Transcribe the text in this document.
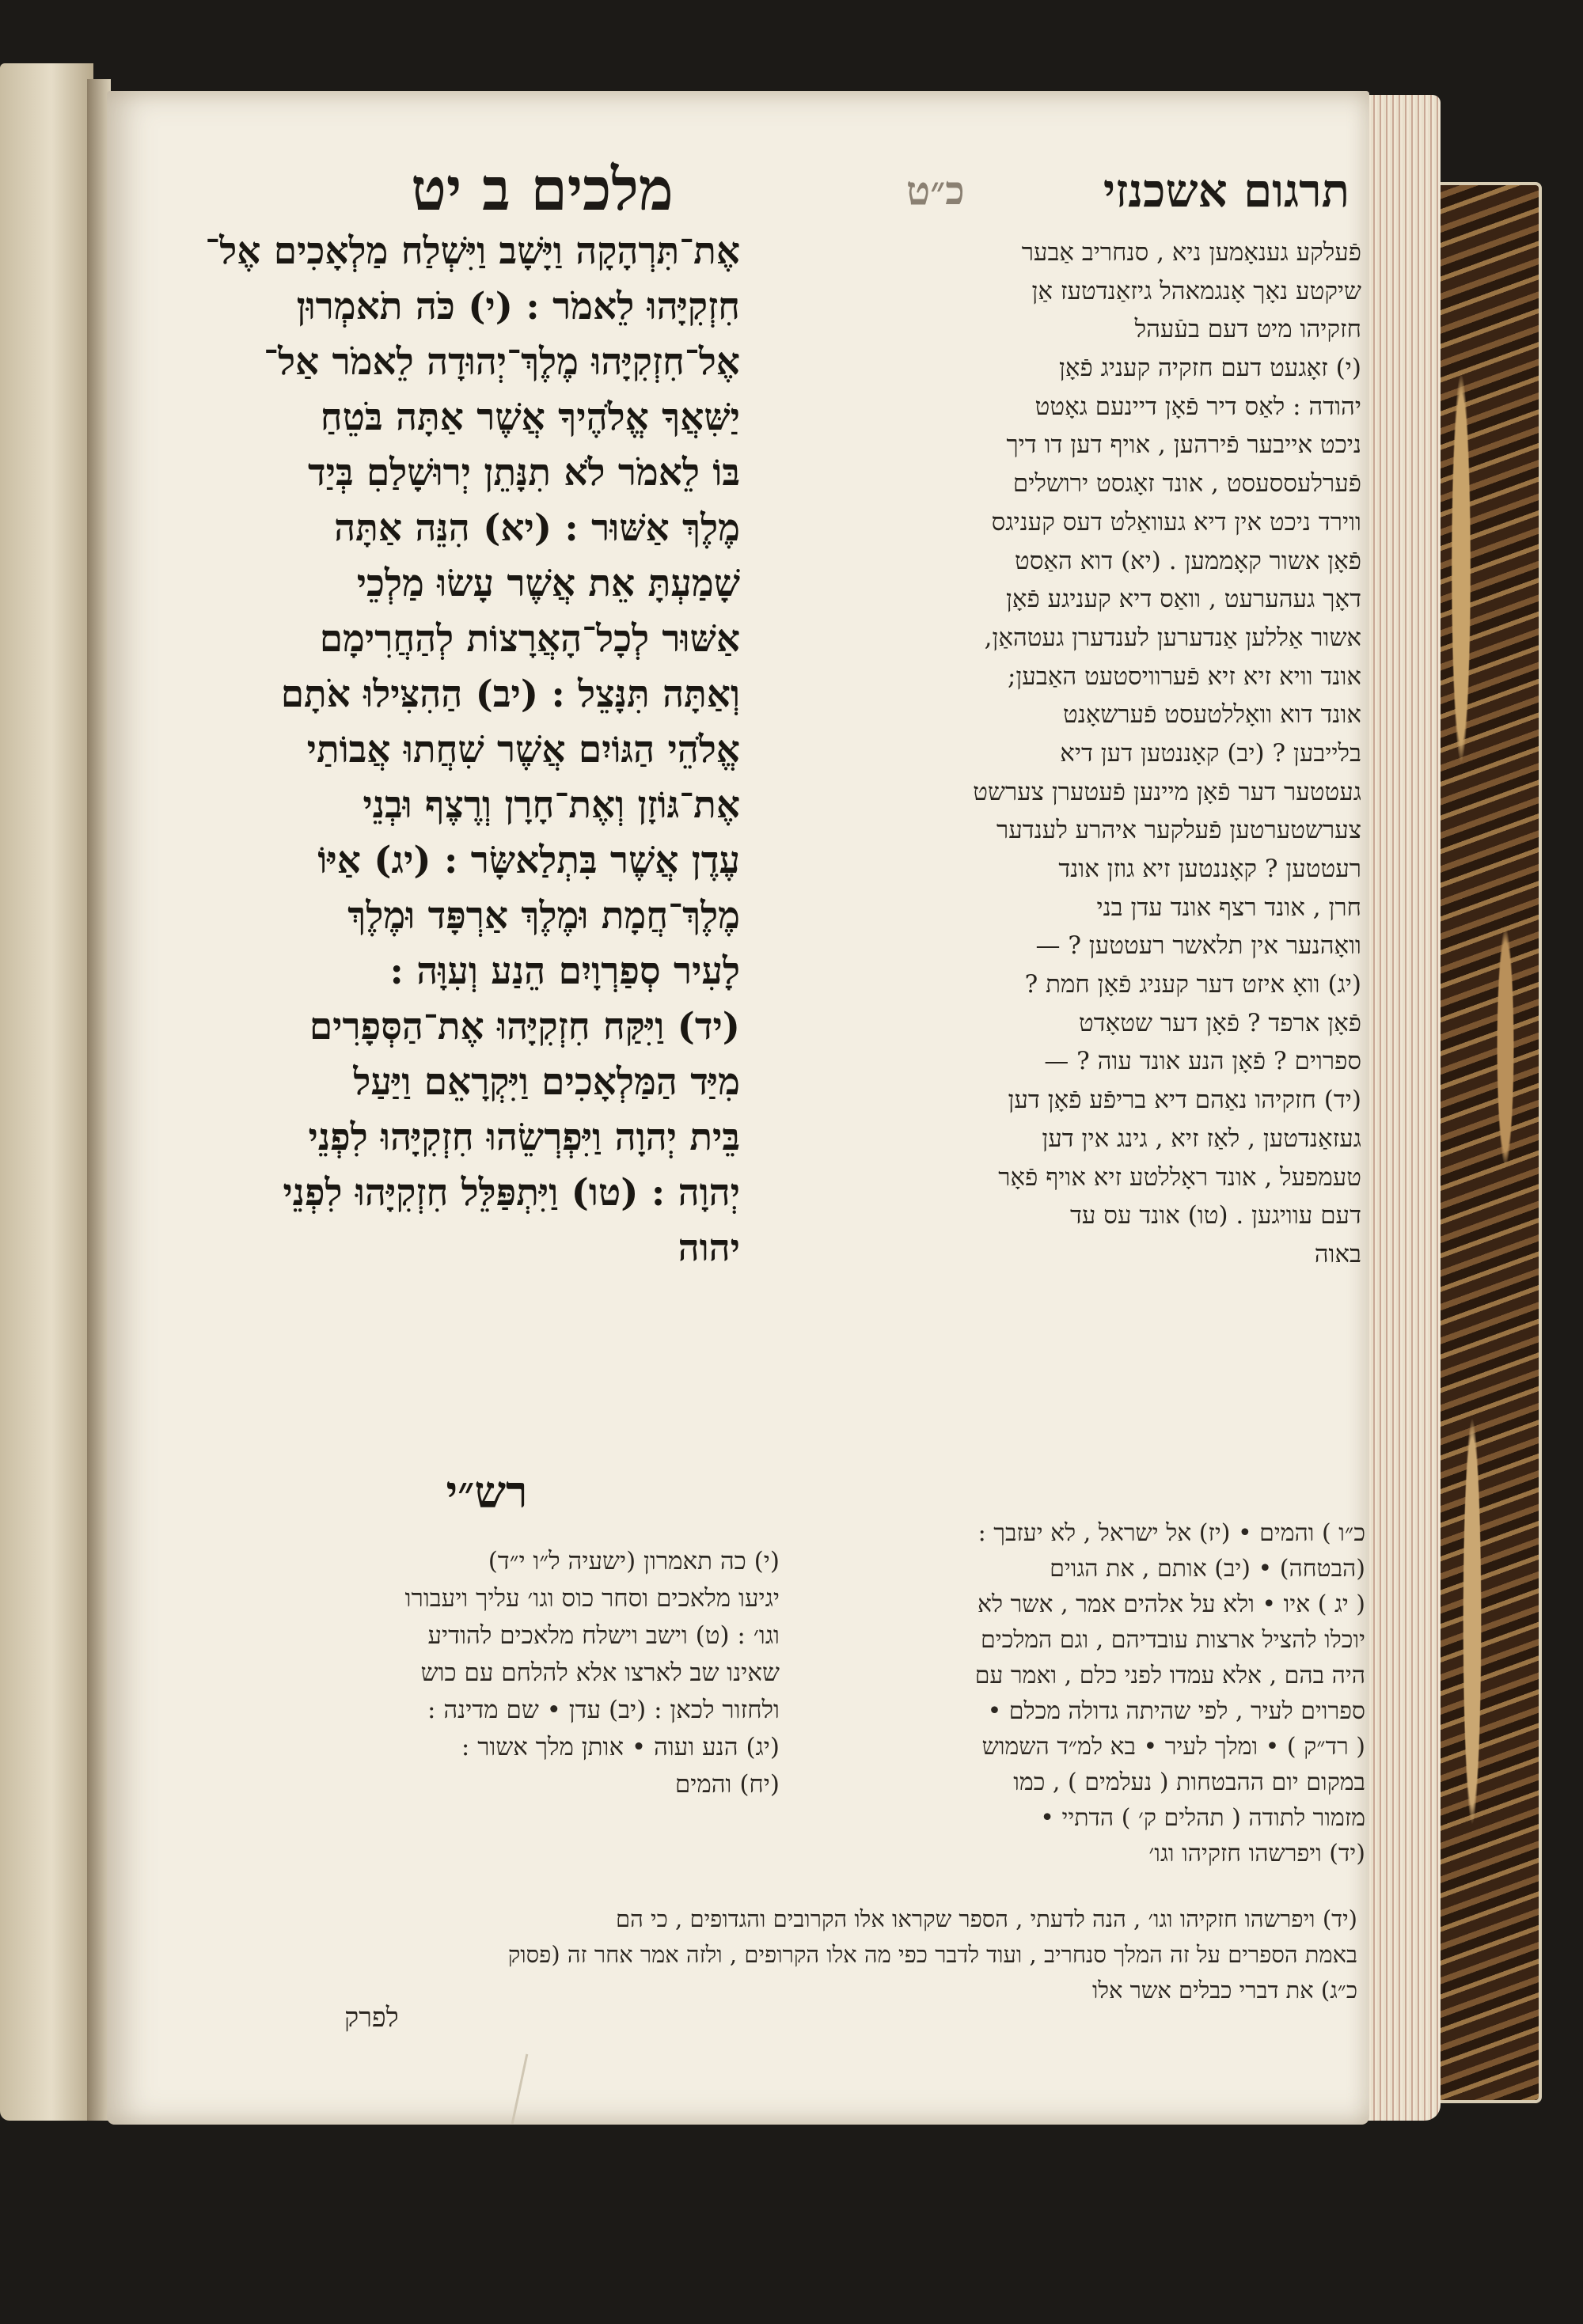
תרגום אשכנזי
כ״ט
מלכים ב יט
פֿעלקע גענאָמען ניא , סנחריב אַבער
שיקטע נאָך אָנגמאהל גיזאַנדטעז אַן
חזקיהו מיט דעם בעֿעהל
(י) זאָגעט דעם חזקיה קעניג פֿאָן
יהודה : לאַס דיר פֿאָן דיינעם גאָטט
ניכט אייבער פֿירהען , אויף דען דו דיך
פֿערלעססעסט , אונד זאָגסט ירושלים
ווירד ניכט אין דיא געוואַלט דעס קעניגס
פֿאָן אשור קאָממען . (יא) דוא האַסט
דאָך געהערעט , וואַס דיא קעניגע פֿאָן
אשור אַללען אַנדערען לענדערן געטהאַן,
אונד וויא זיא זיא פֿערוויסטעט האַבען;
אונד דוא וואָללטעסט פֿערשאָנט
בלייבען ? (יב) קאָננטען דען דיא
געטטער דער פֿאָן מיינען פֿעטערן צערשט
צערשטערטען פֿעלקער איהרע לענדער
רעטטען ? קאָננטען זיא גוזן אונד
חרן , אונד רצף אונד עדן בני
וואָהנער אין תלאשר רעטטען ? —
(יג) וואָ איזט דער קעניג פֿאָן חמת ?
פֿאָן ארפד ? פֿאָן דער שטאָדט
ספרוים ? פֿאָן הנע אונד עוה ? —
(יד) חזקיהו נאַהם דיא בריפֿע פֿאָן דען
געזאַנדטען , לאַז זיא , גינג אין דען
טעמפעל , אונד ראָללטע זיא אויף פֿאָר
דעם עוויגען . (טו) אונד עס עד
באוה
אֶת־תִּרְהָקָה וַיָּשָׁב וַיִּשְׁלַח מַלְאָכִים אֶל־
חִזְקִיָּהוּ לֵאמֹר : (י) כֹּה תֹאמְרוּן
אֶל־חִזְקִיָּהוּ מֶלֶךְ־יְהוּדָה לֵאמֹר אַל־
יַשִּׁאֲךָ אֱלֹהֶיךָ אֲשֶׁר אַתָּה בֹּטֵחַ
בּוֹ לֵאמֹר לֹא תִנָּתֵן יְרוּשָׁלַםִ בְּיַד
מֶלֶךְ אַשּׁוּר : (יא) הִנֵּה אַתָּה
שָׁמַעְתָּ אֵת אֲשֶׁר עָשׂוּ מַלְכֵי
אַשּׁוּר לְכָל־הָאֲרָצוֹת לְהַחֲרִימָם
וְאַתָּה תִּנָּצֵל : (יב) הַהִצִּילוּ אֹתָם
אֱלֹהֵי הַגּוֹיִם אֲשֶׁר שִׁחֲתוּ אֲבוֹתַי
אֶת־גּוֹזָן וְאֶת־חָרָן וְרֶצֶף וּבְנֵי
עֶדֶן אֲשֶׁר בִּתְלַאשָּׂר : (יג) אַיּוֹ
מֶלֶךְ־חֲמָת וּמֶלֶךְ אַרְפָּד וּמֶלֶךְ
לָעִיר סְפַרְוָיִם הֵנַע וְעִוָּה :
(יד) וַיִּקַּח חִזְקִיָּהוּ אֶת־הַסְּפָרִים
מִיַּד הַמַּלְאָכִים וַיִּקְרָאֵם וַיַּעַל
בֵּית יְהוָה וַיִּפְרְשֵׂהוּ חִזְקִיָּהוּ לִפְנֵי
יְהוָה : (טו) וַיִּתְפַּלֵּל חִזְקִיָּהוּ לִפְנֵי
יהוה
רש״י
(י) כה תאמרון (ישעיה ל״ו י״ד)
יגיעו מלאכים וסחר כוס וגו׳ עליך ויעבורו
וגו׳ : (ט) וישב וישלח מלאכים להודיע
שאינו שב לארצו אלא להלחם עם כוש
ולחזור לכאן : (יב) עדן • שם מדינה :
(יג) הנע ועוה • אותן מלך אשור :
(יח) והמים
כ״ו ) והמים • (יז) אל ישראל , לא יעזבך :
(הבטחה) • (יב) אותם , את הגוים
( יג ) איו • ולא על אלהים אמר , אשר לא
יוכלו להציל ארצות עובדיהם , וגם המלכים
היה בהם , אלא עמדו לפני כלם , ואמר עם
ספרוים לעיר , לפי שהיתה גדולה מכלם •
( רד״ק ) • ומלך לעיר • בא למ״ד השמוש
במקום יום ההבטחות ( נעלמים ) , כמו
מזמור לתודה ( תהלים ק׳ ) הדתיי •
(יד) ויפרשהו חזקיהו וגו׳
(יד) ויפרשהו חזקיהו וגו׳ , הנה לדעתי , הספר שקראו אלו הקרובים והגדופים , כי הם
באמת הספרים על זה המלך סנחריב , ועוד לדבר כפי מה אלו הקרופים , ולזה אמר אחר זה (פסוק
כ״ג) את דברי כבלים אשר אלו
לפרק
